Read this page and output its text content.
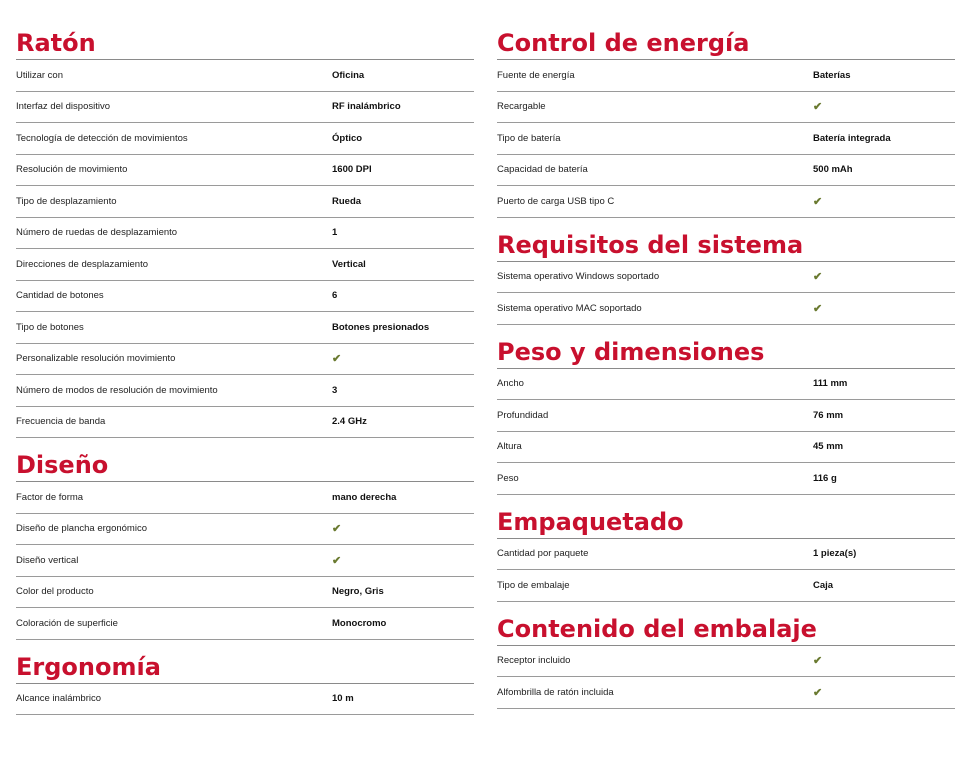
Ratón
Utilizar con	Oficina
Interfaz del dispositivo	RF inalámbrico
Tecnología de detección de movimientos	Óptico
Resolución de movimiento	1600 DPI
Tipo de desplazamiento	Rueda
Número de ruedas de desplazamiento	1
Direcciones de desplazamiento	Vertical
Cantidad de botones	6
Tipo de botones	Botones presionados
Personalizable resolución movimiento	✔
Número de modos de resolución de movimiento	3
Frecuencia de banda	2.4 GHz
Diseño
Factor de forma	mano derecha
Diseño de plancha ergonómico	✔
Diseño vertical	✔
Color del producto	Negro, Gris
Coloración de superficie	Monocromo
Ergonomía
Alcance inalámbrico	10 m
Control de energía
Fuente de energía	Baterías
Recargable	✔
Tipo de batería	Batería integrada
Capacidad de batería	500 mAh
Puerto de carga USB tipo C	✔
Requisitos del sistema
Sistema operativo Windows soportado	✔
Sistema operativo MAC soportado	✔
Peso y dimensiones
Ancho	111 mm
Profundidad	76 mm
Altura	45 mm
Peso	116 g
Empaquetado
Cantidad por paquete	1 pieza(s)
Tipo de embalaje	Caja
Contenido del embalaje
Receptor incluido	✔
Alfombrilla de ratón incluida	✔
